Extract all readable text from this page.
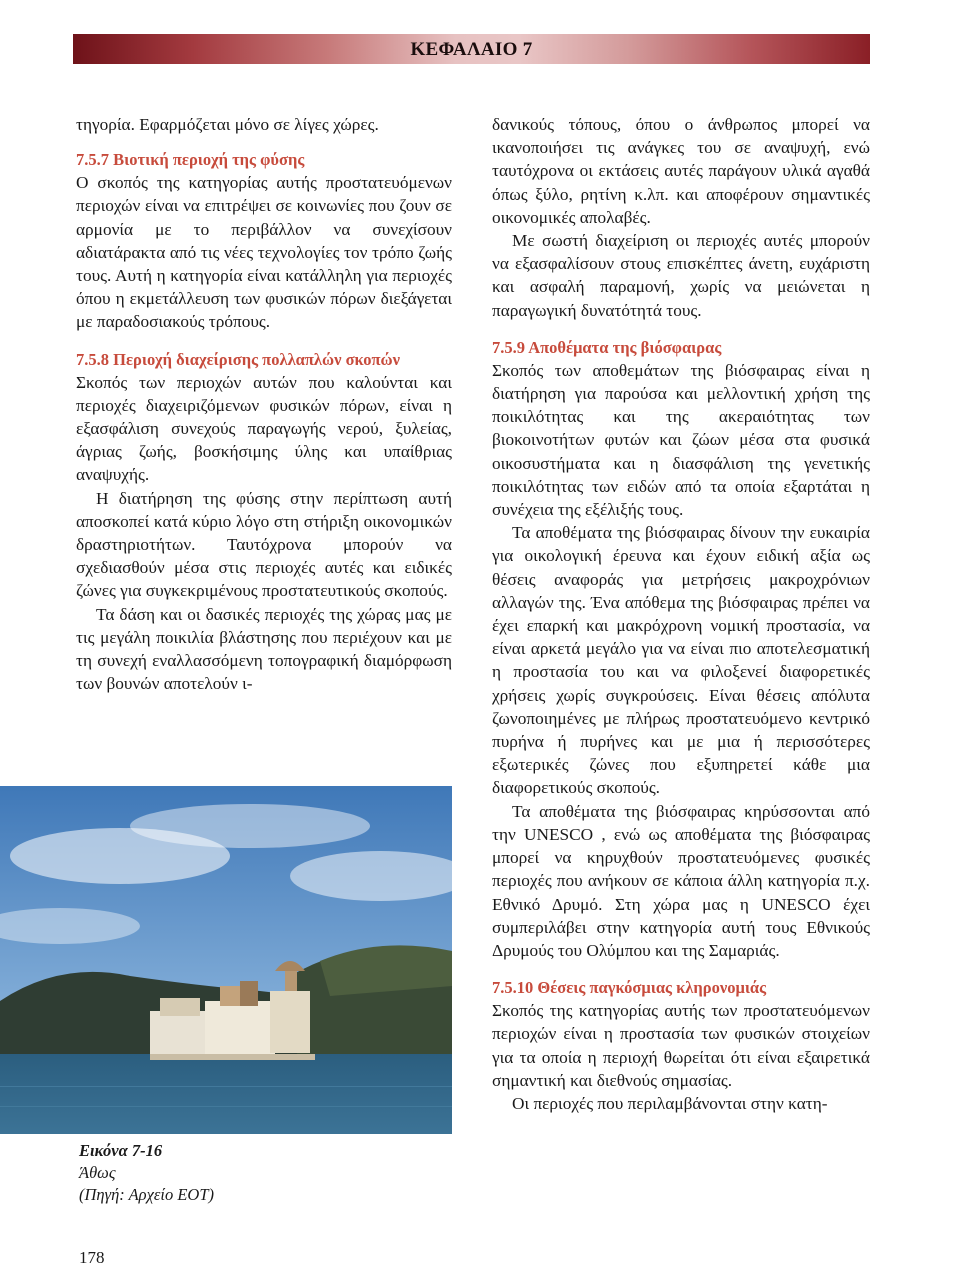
ΚΕΦΑΛΑΙΟ 7

τηγορία. Εφαρμόζεται μόνο σε λίγες χώρες.

7.5.7 Βιοτική περιοχή της φύσης

Ο σκοπός της κατηγορίας αυτής προστατευόμενων περιοχών είναι να επιτρέψει σε κοινωνίες που ζουν σε αρμονία με το περιβάλλον να συνεχίσουν αδιατάρακτα από τις νέες τεχνολογίες τον τρόπο ζωής τους. Αυτή η κατηγορία είναι κατάλληλη για περιοχές όπου η εκμετάλλευση των φυσικών πόρων διεξάγεται με παραδοσιακούς τρόπους.

7.5.8 Περιοχή διαχείρισης πολλαπλών σκοπών

Σκοπός των περιοχών αυτών που καλούνται και περιοχές διαχειριζόμενων φυσικών πόρων, είναι η εξασφάλιση συνεχούς παραγωγής νερού, ξυλείας, άγριας ζωής, βοσκήσιμης ύλης και υπαίθριας αναψυχής.

Η διατήρηση της φύσης στην περίπτωση αυτή αποσκοπεί κατά κύριο λόγο στη στήριξη οικονομικών δραστηριοτήτων. Ταυτόχρονα μπορούν να σχεδιασθούν μέσα στις περιοχές αυτές και ειδικές ζώνες για συγκεκριμένους προστατευτικούς σκοπούς.

Τα δάση και οι δασικές περιοχές της χώρας μας με τις μεγάλη ποικιλία βλάστησης που περιέχουν και με τη συνεχή εναλλασσόμενη τοπογραφική διαμόρφωση των βουνών αποτελούν ι-

Εικόνα 7-16
Άθως
(Πηγή: Αρχείο ΕΟΤ)

δανικούς τόπους, όπου ο άνθρωπος μπορεί να ικανοποιήσει τις ανάγκες του σε αναψυχή, ενώ ταυτόχρονα οι εκτάσεις αυτές παράγουν υλικά αγαθά όπως ξύλο, ρητίνη κ.λπ. και αποφέρουν σημαντικές οικονομικές απολαβές.

Με σωστή διαχείριση οι περιοχές αυτές μπορούν να εξασφαλίσουν στους επισκέπτες άνετη, ευχάριστη και ασφαλή παραμονή, χωρίς να μειώνεται η παραγωγική δυνατότητά τους.

7.5.9 Αποθέματα της βιόσφαιρας

Σκοπός των αποθεμάτων της βιόσφαιρας είναι η διατήρηση για παρούσα και μελλοντική χρήση της ποικιλότητας και της ακεραιότητας των βιοκοινοτήτων φυτών και ζώων μέσα στα φυσικά οικοσυστήματα και η διασφάλιση της γενετικής ποικιλότητας των ειδών από τα οποία εξαρτάται η συνέχεια της εξέλιξής τους.

Τα αποθέματα της βιόσφαιρας δίνουν την ευκαιρία για οικολογική έρευνα και έχουν ειδική αξία ως θέσεις αναφοράς για μετρήσεις μακροχρόνιων αλλαγών της. Ένα απόθεμα της βιόσφαιρας πρέπει να έχει επαρκή και μακρόχρονη νομική προστασία, να είναι αρκετά μεγάλο για να είναι πιο αποτελεσματική η προστασία του και να φιλοξενεί διαφορετικές χρήσεις χωρίς συγκρούσεις. Είναι θέσεις απόλυτα ζωνοποιημένες με πλήρως προστατευόμενο κεντρικό πυρήνα ή πυρήνες και με μια ή περισσότερες εξωτερικές ζώνες που εξυπηρετεί κάθε μια διαφορετικούς σκοπούς.

Τα αποθέματα της βιόσφαιρας κηρύσσονται από την UNESCO , ενώ ως αποθέματα της βιόσφαιρας μπορεί να κηρυχθούν προστατευόμενες φυσικές περιοχές που ανήκουν σε κάποια άλλη κατηγορία π.χ. Εθνικό Δρυμό. Στη χώρα μας η UNESCO έχει συμπεριλάβει στην κατηγορία αυτή τους Εθνικούς Δρυμούς του Ολύμπου και της Σαμαριάς.

7.5.10 Θέσεις παγκόσμιας κληρονομιάς

Σκοπός της κατηγορίας αυτής των προστατευόμενων περιοχών είναι η προστασία των φυσικών στοιχείων για τα οποία η περιοχή θωρείται ότι είναι εξαιρετικά σημαντική και διεθνούς σημασίας.

Οι περιοχές που περιλαμβάνονται στην κατη-

178
